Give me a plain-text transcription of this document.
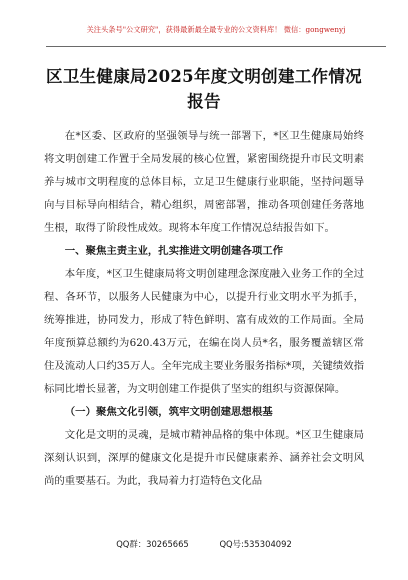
关注头条号"公文研究"，获得最新最全最专业的公文资料库！ 微信：gongwenyj
区卫生健康局2025年度文明创建工作情况报告

在*区委、区政府的坚强领导与统一部署下，*区卫生健康局始终将文明创建工作置于全局发展的核心位置，紧密围绕提升市民文明素养与城市文明程度的总体目标，立足卫生健康行业职能，坚持问题导向与目标导向相结合，精心组织，周密部署，推动各项创建任务落地生根，取得了阶段性成效。现将本年度工作情况总结报告如下。

一、聚焦主责主业，扎实推进文明创建各项工作

本年度，*区卫生健康局将文明创建理念深度融入业务工作的全过程、各环节，以服务人民健康为中心，以提升行业文明水平为抓手，统筹推进，协同发力，形成了特色鲜明、富有成效的工作局面。全局年度预算总额约为620.43万元，在编在岗人员*名，服务覆盖辖区常住及流动人口约35万人。全年完成主要业务服务指标*项，关键绩效指标同比增长显著，为文明创建工作提供了坚实的组织与资源保障。

（一）聚焦文化引领，筑牢文明创建思想根基

文化是文明的灵魂，是城市精神品格的集中体现。*区卫生健康局深刻认识到，深厚的健康文化是提升市民健康素养、涵养社会文明风尚的重要基石。为此，我局着力打造特色文化品

QQ群：30265665	QQ号:535304092
